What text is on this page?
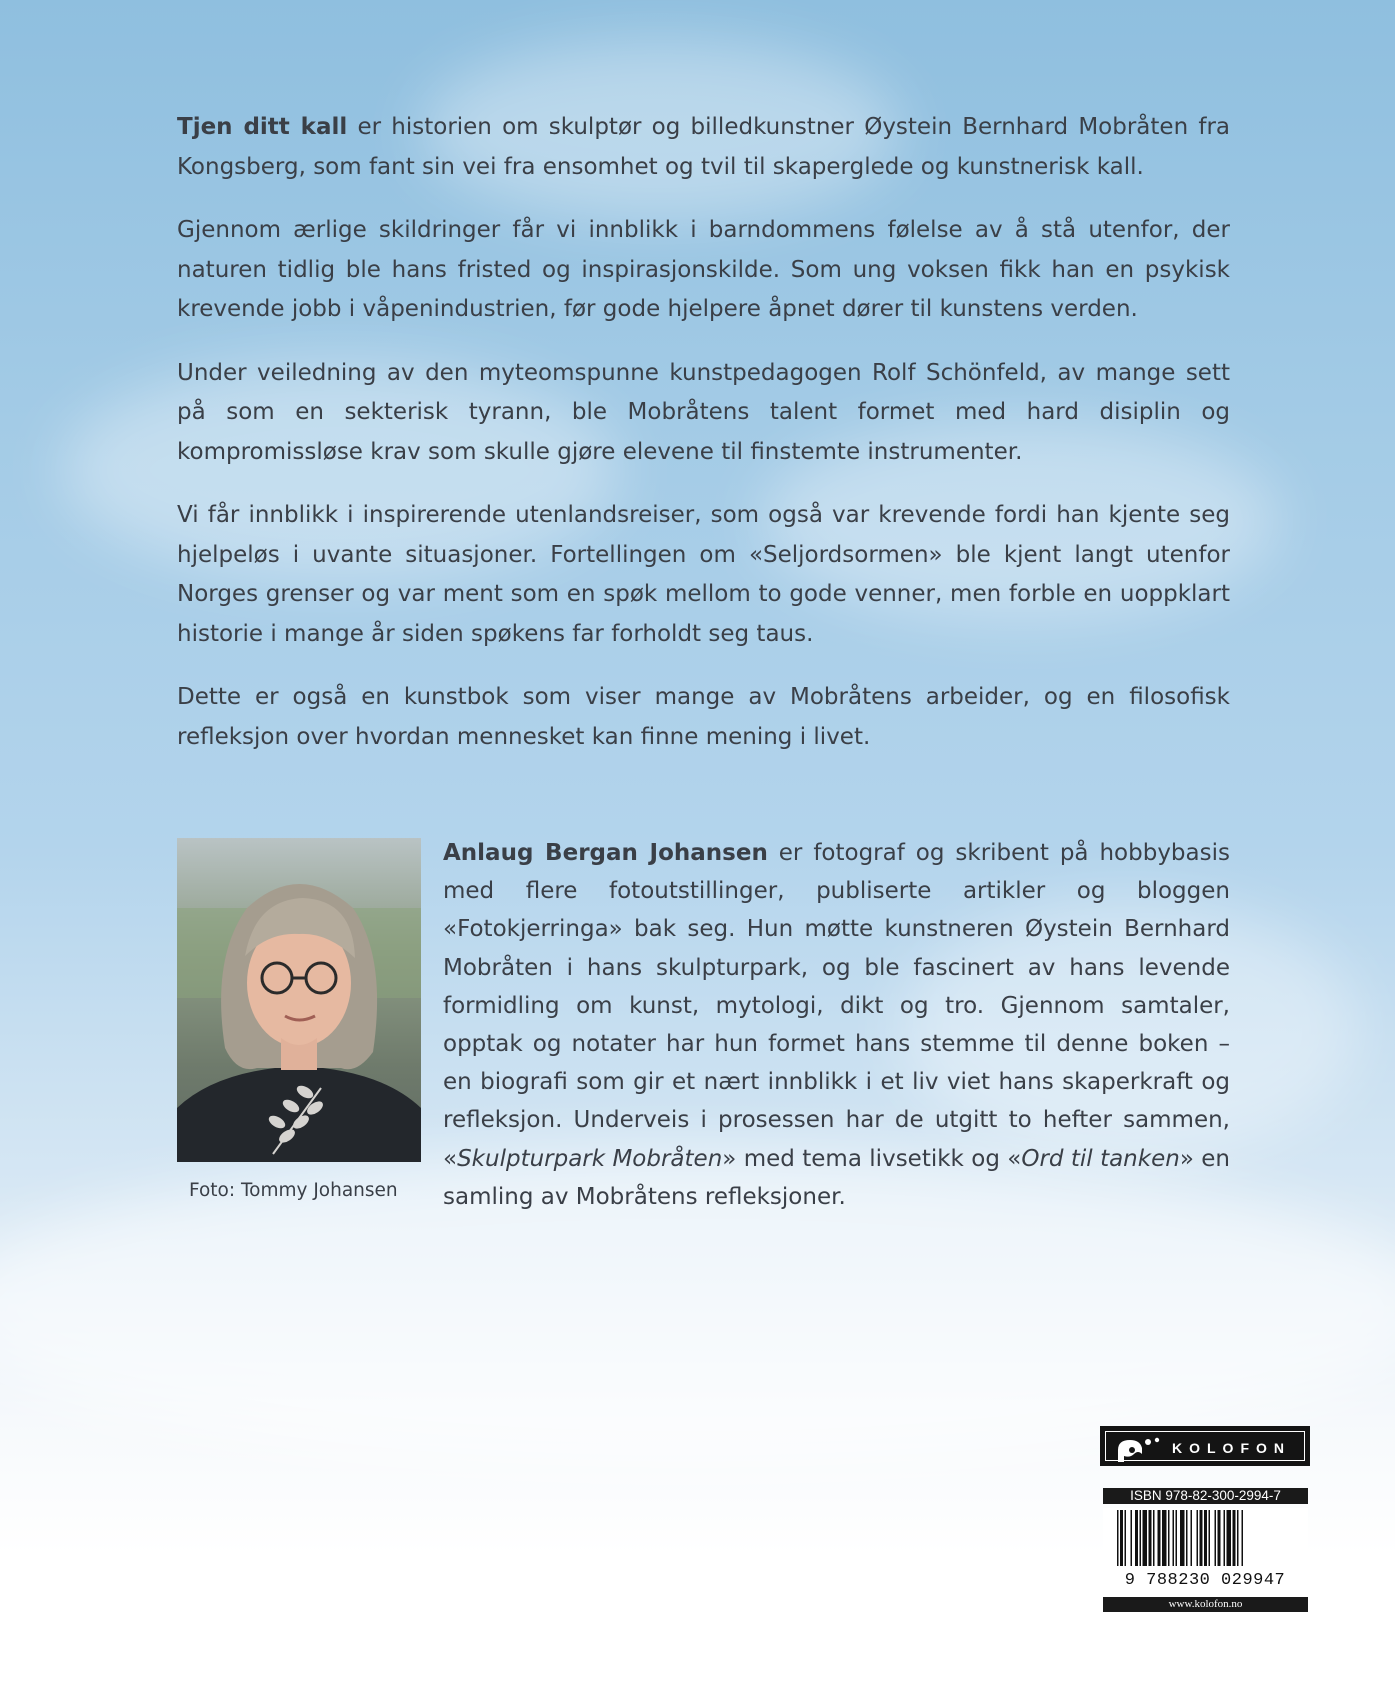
Tjen ditt kall er historien om skulptør og billedkunstner Øystein Bernhard Mobråten fra Kongsberg, som fant sin vei fra ensomhet og tvil til skaperglede og kunstnerisk kall.

Gjennom ærlige skildringer får vi innblikk i barndommens følelse av å stå utenfor, der naturen tidlig ble hans fristed og inspirasjonskilde. Som ung voksen fikk han en psykisk krevende jobb i våpenindustrien, før gode hjelpere åpnet dører til kunstens verden.

Under veiledning av den myteomspunne kunstpedagogen Rolf Schönfeld, av mange sett på som en sekterisk tyrann, ble Mobråtens talent formet med hard disiplin og kompromissløse krav som skulle gjøre elevene til finstemte instrumenter.

Vi får innblikk i inspirerende utenlandsreiser, som også var krevende fordi han kjente seg hjelpeløs i uvante situasjoner. Fortellingen om «Seljordsormen» ble kjent langt utenfor Norges grenser og var ment som en spøk mellom to gode venner, men forble en uoppklart historie i mange år siden spøkens far forholdt seg taus.

Dette er også en kunstbok som viser mange av Mobråtens arbeider, og en filosofisk refleksjon over hvordan mennesket kan finne mening i livet.

Foto: Tommy Johansen

Anlaug Bergan Johansen er fotograf og skribent på hobbybasis med flere fotoutstillinger, publiserte artikler og bloggen «Fotokjerringa» bak seg. Hun møtte kunstneren Øystein Bernhard Mobråten i hans skulpturpark, og ble fascinert av hans levende formidling om kunst, mytologi, dikt og tro. Gjennom samtaler, opptak og notater har hun formet hans stemme til denne boken – en biografi som gir et nært innblikk i et liv viet hans skaperkraft og refleksjon. Underveis i prosessen har de utgitt to hefter sammen, «Skulpturpark Mobråten» med tema livsetikk og «Ord til tanken» en samling av Mobråtens refleksjoner.

KOLOFON
ISBN 978-82-300-2994-7
9 788230 029947
www.kolofon.no
